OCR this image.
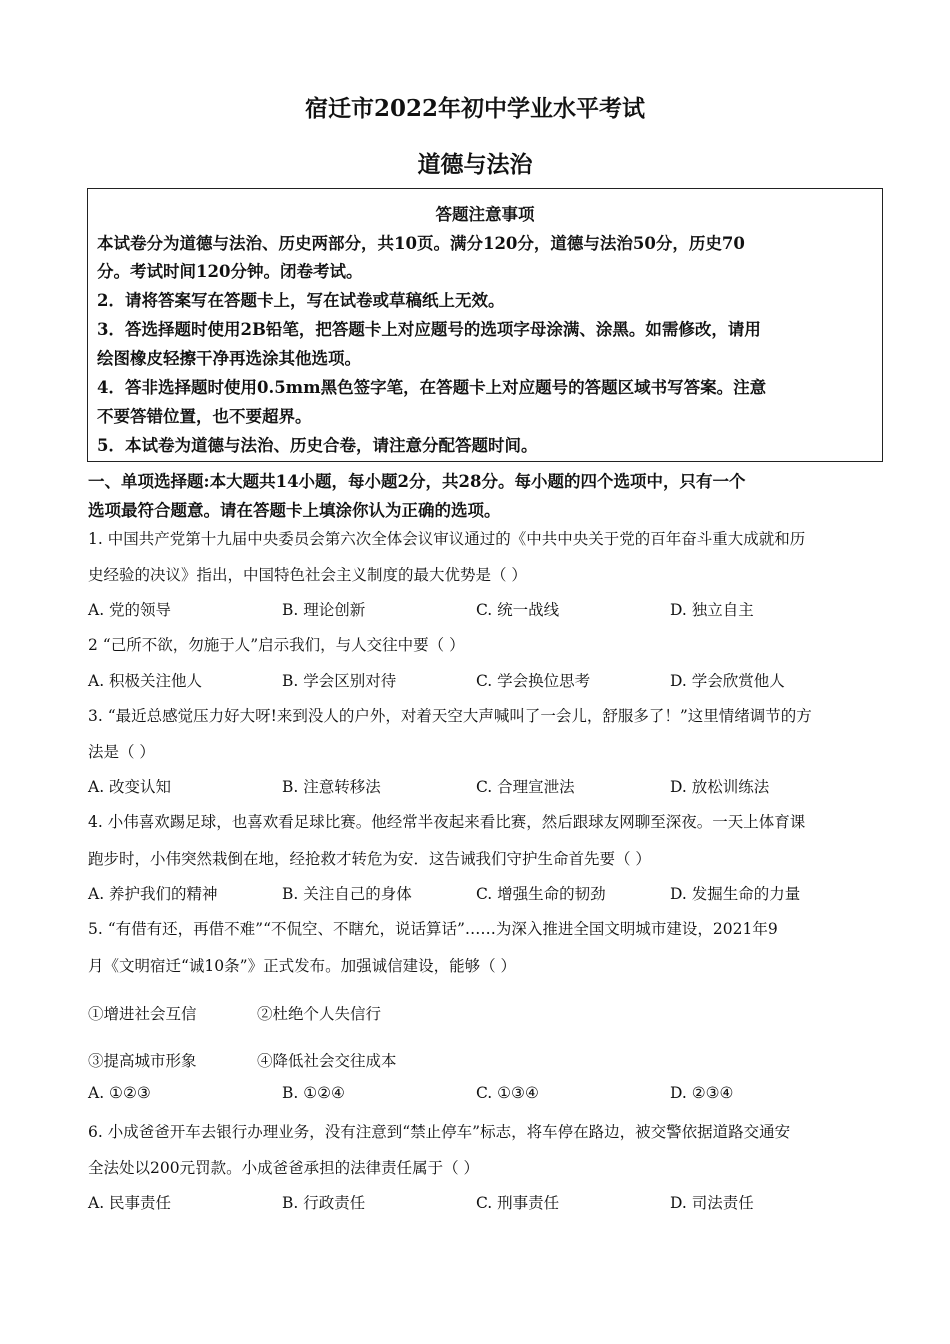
宿迁市2022年初中学业水平考试
道德与法治
答题注意事项
本试卷分为道德与法治、历史两部分，共10页。满分120分，道德与法治50分，历史70
分。考试时间120分钟。闭卷考试。
2．请将答案写在答题卡上，写在试卷或草稿纸上无效。
3．答选择题时使用2B铅笔，把答题卡上对应题号的选项字母涂满、涂黑。如需修改，请用
绘图橡皮轻擦干净再选涂其他选项。
4．答非选择题时使用0.5mm黑色签字笔，在答题卡上对应题号的答题区域书写答案。注意
不要答错位置，也不要超界。
5．本试卷为道德与法治、历史合卷，请注意分配答题时间。
一、单项选择题:本大题共14小题，每小题2分，共28分。每小题的四个选项中，只有一个
选项最符合题意。请在答题卡上填涂你认为正确的选项。
1. 中国共产党第十九届中央委员会第六次全体会议审议通过的《中共中央关于党的百年奋斗重大成就和历
史经验的决议》指出，中国特色社会主义制度的最大优势是（ ）
A. 党的领导	B. 理论创新	C. 统一战线	D. 独立自主
2 “己所不欲，勿施于人”启示我们，与人交往中要（ ）
A. 积极关注他人	B. 学会区别对待	C. 学会换位思考	D. 学会欣赏他人
3. “最近总感觉压力好大呀!来到没人的户外，对着天空大声喊叫了一会儿，舒服多了！”这里情绪调节的方
法是（ ）
A. 改变认知	B. 注意转移法	C. 合理宣泄法	D. 放松训练法
4. 小伟喜欢踢足球，也喜欢看足球比赛。他经常半夜起来看比赛，然后跟球友网聊至深夜。一天上体育课
跑步时，小伟突然栽倒在地，经抢救才转危为安．这告诫我们守护生命首先要（ ）
A. 养护我们的精神	B. 关注自己的身体	C. 增强生命的韧劲	D. 发掘生命的力量
5. “有借有还，再借不难”“不侃空、不瞎允，说话算话”……为深入推进全国文明城市建设，2021年9
月《文明宿迁“诚10条”》正式发布。加强诚信建设，能够（ ）
①增进社会互信	②杜绝个人失信行
③提高城市形象	④降低社会交往成本
A. ①②③	B. ①②④	C. ①③④	D. ②③④
6. 小成爸爸开车去银行办理业务，没有注意到“禁止停车”标志，将车停在路边，被交警依据道路交通安
全法处以200元罚款。小成爸爸承担的法律责任属于（ ）
A. 民事责任	B. 行政责任	C. 刑事责任	D. 司法责任
